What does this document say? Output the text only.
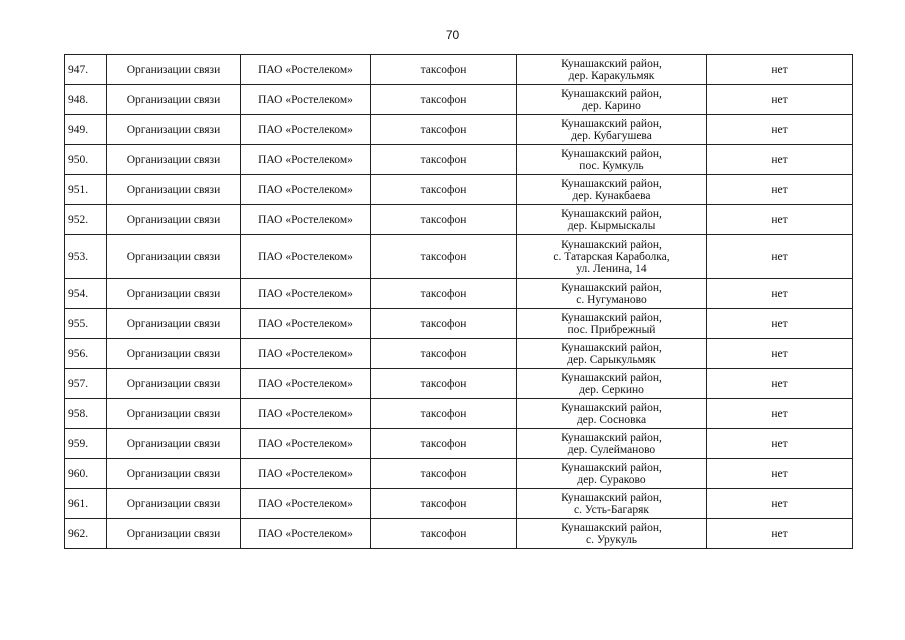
70
947.	Организации связи	ПАО «Ростелеком»	таксофон	Кунашакский район,
дер. Каракульмяк	нет
948.	Организации связи	ПАО «Ростелеком»	таксофон	Кунашакский район,
дер. Карино	нет
949.	Организации связи	ПАО «Ростелеком»	таксофон	Кунашакский район,
дер. Кубагушева	нет
950.	Организации связи	ПАО «Ростелеком»	таксофон	Кунашакский район,
пос. Кумкуль	нет
951.	Организации связи	ПАО «Ростелеком»	таксофон	Кунашакский район,
дер. Кунакбаева	нет
952.	Организации связи	ПАО «Ростелеком»	таксофон	Кунашакский район,
дер. Кырмыскалы	нет
953.	Организации связи	ПАО «Ростелеком»	таксофон	Кунашакский район,
с. Татарская Караболка,
ул. Ленина, 14	нет
954.	Организации связи	ПАО «Ростелеком»	таксофон	Кунашакский район,
с. Нугуманово	нет
955.	Организации связи	ПАО «Ростелеком»	таксофон	Кунашакский район,
пос. Прибрежный	нет
956.	Организации связи	ПАО «Ростелеком»	таксофон	Кунашакский район,
дер. Сарыкульмяк	нет
957.	Организации связи	ПАО «Ростелеком»	таксофон	Кунашакский район,
дер. Серкино	нет
958.	Организации связи	ПАО «Ростелеком»	таксофон	Кунашакский район,
дер. Сосновка	нет
959.	Организации связи	ПАО «Ростелеком»	таксофон	Кунашакский район,
дер. Сулейманово	нет
960.	Организации связи	ПАО «Ростелеком»	таксофон	Кунашакский район,
дер. Сураково	нет
961.	Организации связи	ПАО «Ростелеком»	таксофон	Кунашакский район,
с. Усть-Багаряк	нет
962.	Организации связи	ПАО «Ростелеком»	таксофон	Кунашакский район,
с. Урукуль	нет
